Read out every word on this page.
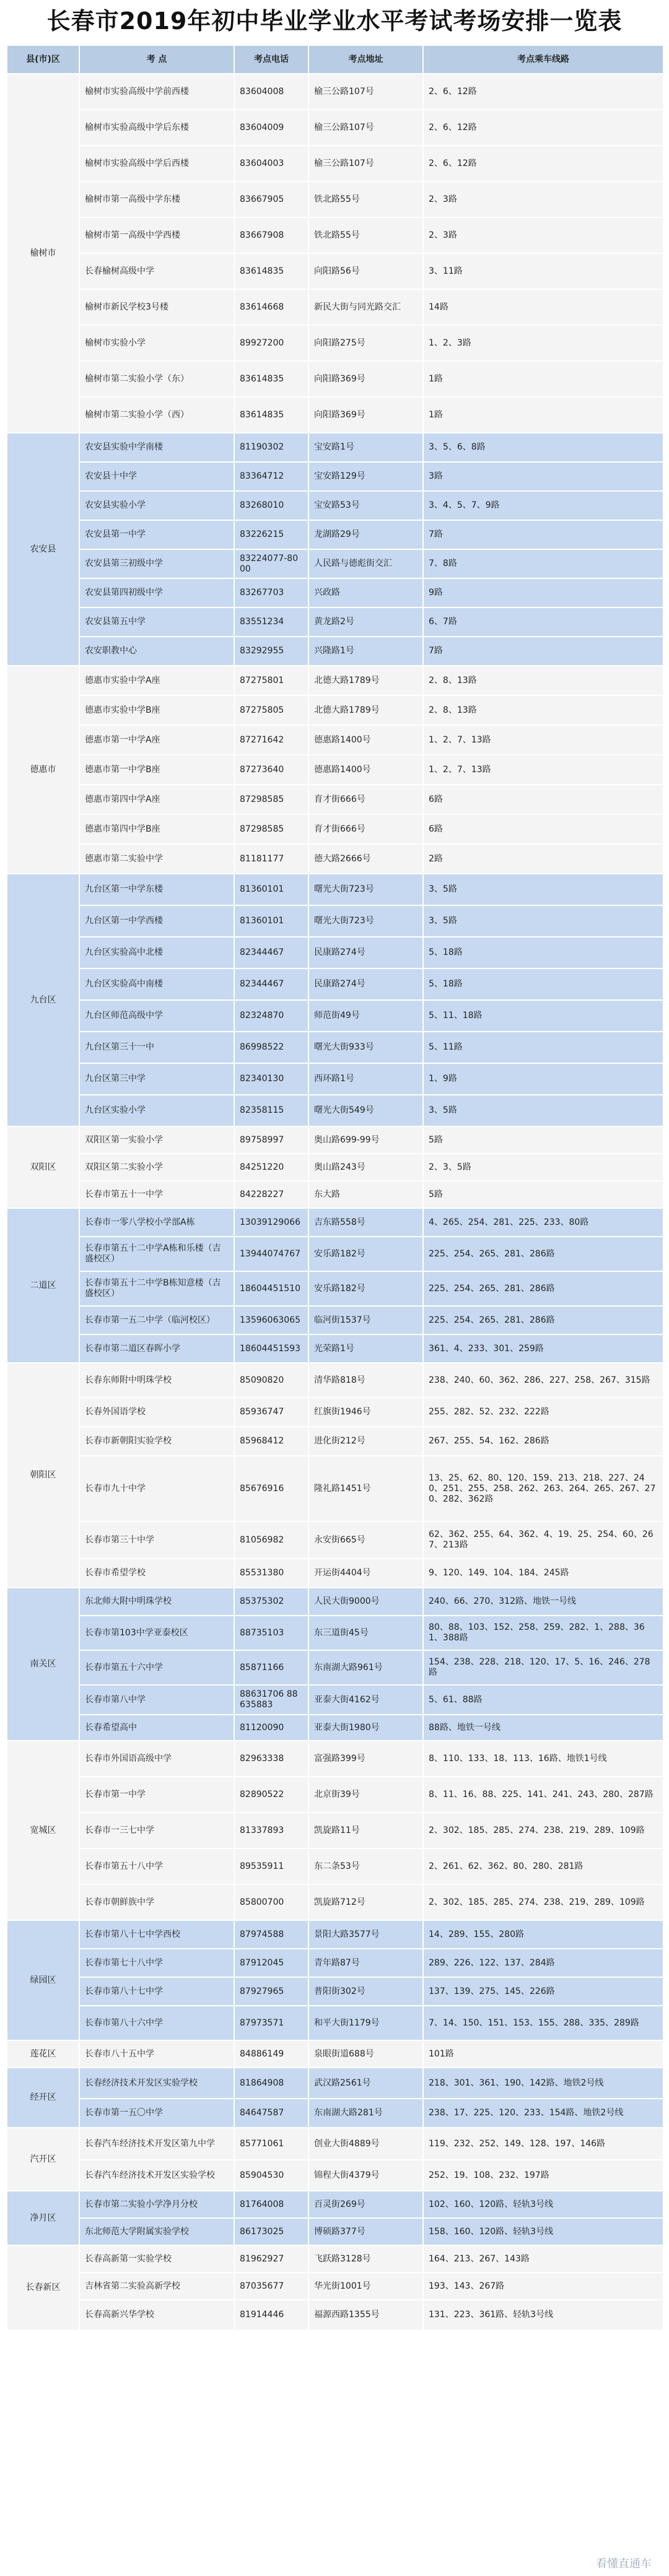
长春市2019年初中毕业学业水平考试考场安排一览表
县(市)区	考 点	考点电话	考点地址	考点乘车线路
榆树市	榆树市实验高级中学前西楼	83604008	榆三公路107号	2、6、12路
	榆树市实验高级中学后东楼	83604009	榆三公路107号	2、6、12路
	榆树市实验高级中学后西楼	83604003	榆三公路107号	2、6、12路
	榆树市第一高级中学东楼	83667905	铁北路55号	2、3路
	榆树市第一高级中学西楼	83667908	铁北路55号	2、3路
	长春榆树高级中学	83614835	向阳路56号	3、11路
	榆树市新民学校3号楼	83614668	新民大街与同光路交汇	14路
	榆树市实验小学	89927200	向阳路275号	1、2、3路
	榆树市第二实验小学（东）	83614835	向阳路369号	1路
	榆树市第二实验小学（西）	83614835	向阳路369号	1路
农安县	农安县实验中学南楼	81190302	宝安路1号	3、5、6、8路
	农安县十中学	83364712	宝安路129号	3路
	农安县实验小学	83268010	宝安路53号	3、4、5、7、9路
	农安县第一中学	83226215	龙湖路29号	7路
	农安县第三初级中学	83224077-8000	人民路与德彪街交汇	7、8路
	农安县第四初级中学	83267703	兴政路	9路
	农安县第五中学	83551234	黄龙路2号	6、7路
	农安职教中心	83292955	兴隆路1号	7路
德惠市	德惠市实验中学A座	87275801	北德大路1789号	2、8、13路
	德惠市实验中学B座	87275805	北德大路1789号	2、8、13路
	德惠市第一中学A座	87271642	德惠路1400号	1、2、7、13路
	德惠市第一中学B座	87273640	德惠路1400号	1、2、7、13路
	德惠市第四中学A座	87298585	育才街666号	6路
	德惠市第四中学B座	87298585	育才街666号	6路
	德惠市第二实验中学	81181177	德大路2666号	2路
九台区	九台区第一中学东楼	81360101	曙光大街723号	3、5路
	九台区第一中学西楼	81360101	曙光大街723号	3、5路
	九台区实验高中北楼	82344467	民康路274号	5、18路
	九台区实验高中南楼	82344467	民康路274号	5、18路
	九台区师范高级中学	82324870	师范街49号	5、11、18路
	九台区第三十一中	86998522	曙光大街933号	5、11路
	九台区第三中学	82340130	西环路1号	1、9路
	九台区实验小学	82358115	曙光大街549号	3、5路
双阳区	双阳区第一实验小学	89758997	奥山路699-99号	5路
	双阳区第二实验小学	84251220	奥山路243号	2、3、5路
	长春市第五十一中学	84228227	东大路	5路
二道区	长春市一零八学校小学部A栋	13039129066	吉东路558号	4、265、254、281、225、233、80路
	长春市第五十二中学A栋和乐楼（吉盛校区）	13944074767	安乐路182号	225、254、265、281、286路
	长春市第五十二中学B栋知意楼（吉盛校区）	18604451510	安乐路182号	225、254、265、281、286路
	长春市第一五二中学（临河校区）	13596063065	临河街1537号	225、254、265、281、286路
	长春市第二道区春晖小学	18604451593	光荣路1号	361、4、233、301、259路
朝阳区	长春东师附中明珠学校	85090820	清华路818号	238、240、60、362、286、227、258、267、315路
	长春外国语学校	85936747	红旗街1946号	255、282、52、232、222路
	长春市新朝阳实验学校	85968412	进化街212号	267、255、54、162、286路
	长春市九十中学	85676916	隆礼路1451号	13、25、62、80、120、159、213、218、227、240、251、255、258、262、263、264、265、267、270、282、362路
	长春市第三十中学	81056982	永安街665号	62、362、255、64、362、4、19、25、254、60、267、213路
	长春市希望学校	85531380	开运街4404号	9、120、149、104、184、245路
南关区	东北师大附中明珠学校	85375302	人民大街9000号	240、66、270、312路、地铁一号线
	长春市第103中学亚泰校区	88735103	东三道街45号	80、88、103、152、258、259、282、1、288、361、388路
	长春市第五十六中学	85871166	东南湖大路961号	154、238、228、218、120、17、5、16、246、278路
	长春市第八中学	88631706 88635883	亚泰大街4162号	5、61、88路
	长春希望高中	81120090	亚泰大街1980号	88路、地铁一号线
宽城区	长春市外国语高级中学	82963338	富强路399号	8、110、133、18、113、16路、地铁1号线
	长春市第一中学	82890522	北京街39号	8、11、16、88、225、141、241、243、280、287路
	长春市一三七中学	81337893	凯旋路11号	2、302、185、285、274、238、219、289、109路
	长春市第五十八中学	89535911	东二条53号	2、261、62、362、80、280、281路
	长春市朝鲜族中学	85800700	凯旋路712号	2、302、185、285、274、238、219、289、109路
绿园区	长春市第八十七中学西校	87974588	景阳大路3577号	14、289、155、280路
	长春市第七十八中学	87912045	青年路87号	289、226、122、137、284路
	长春市第八十七中学	87927965	普阳街302号	137、139、275、145、226路
	长春市第八十六中学	87973571	和平大街1179号	7、14、150、151、153、155、288、335、289路
莲花区	长春市八十五中学	84886149	泉眼街道688号	101路
经开区	长春经济技术开发区实验学校	81864908	武汉路2561号	218、301、361、190、142路、地铁2号线
	长春市第一五〇中学	84647587	东南湖大路281号	238、17、225、120、233、154路、地铁2号线
汽开区	长春汽车经济技术开发区第九中学	85771061	创业大街4889号	119、232、252、149、128、197、146路
	长春汽车经济技术开发区实验学校	85904530	锦程大街4379号	252、19、108、232、197路
净月区	长春市第二实验小学净月分校	81764008	百灵街269号	102、160、120路、轻轨3号线
	东北师范大学附属实验学校	86173025	博硕路377号	158、160、120路、轻轨3号线
长春新区	长春高新第一实验学校	81962927	飞跃路3128号	164、213、267、143路
	吉林省第二实验高新学校	87035677	华光街1001号	193、143、267路
	长春高新兴华学校	81914446	福源西路1355号	131、223、361路、轻轨3号线
看懂直通车
